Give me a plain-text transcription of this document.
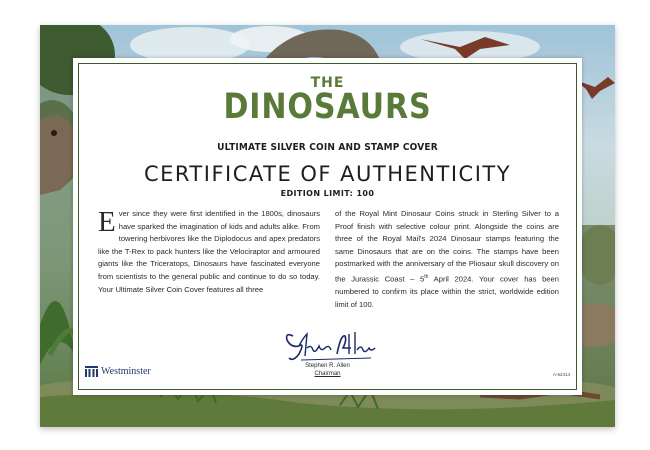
THE
DINOSAURS
ULTIMATE SILVER COIN AND STAMP COVER
CERTIFICATE OF AUTHENTICITY
EDITION LIMIT: 100
Ever since they were first identified in the 1800s, dinosaurs have sparked the imagination of kids and adults alike. From towering herbivores like the Diplodocus and apex predators like the T-Rex to pack hunters like the Velociraptor and armoured giants like the Triceratops, Dinosaurs have fascinated everyone from scientists to the general public and continue to do so today. Your Ultimate Silver Coin Cover features all three
of the Royal Mint Dinosaur Coins struck in Sterling Silver to a Proof finish with selective colour print. Alongside the coins are three of the Royal Mail's 2024 Dinosaur stamps featuring the same Dinosaurs that are on the coins. The stamps have been postmarked with the anniversary of the Pliosaur skull discovery on the Jurassic Coast – 5th April 2024. Your cover has been numbered to confirm its place within the strict, worldwide edition limit of 100.
Westminster	Stephen R. Allen
Chairman	A-62414
